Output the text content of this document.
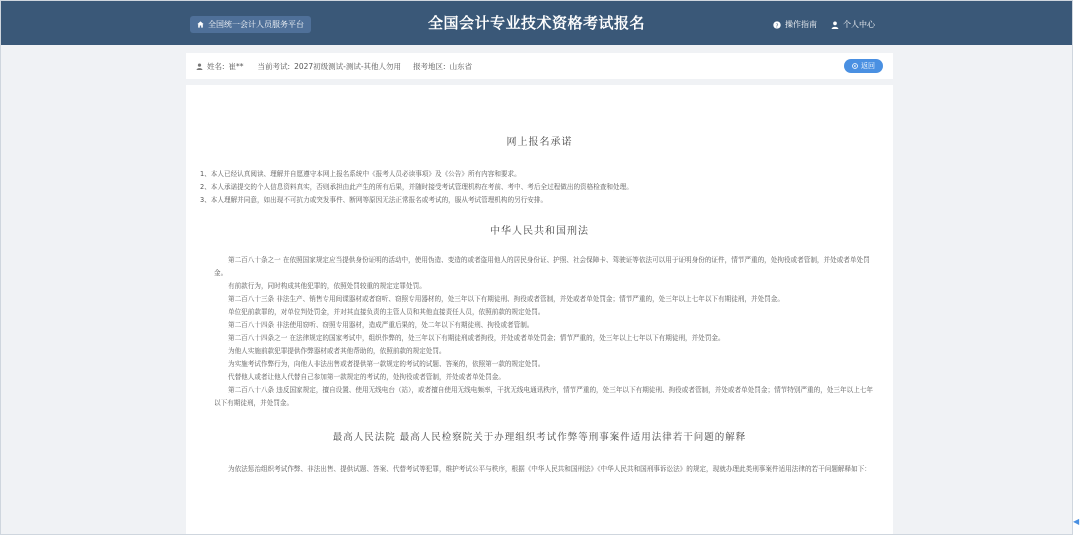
全国统一会计人员服务平台	全国会计专业技术资格考试报名	? 操作指南	个人中心
姓名: 崔** 当前考试: 2027初级测试-测试-其他人勿用 报考地区: 山东省	返回
网上报名承诺
1、本人已经认真阅读、理解并自愿遵守本网上报名系统中《报考人员必读事项》及《公告》所有内容和要求。
2、本人承诺提交的个人信息资料真实，否则承担由此产生的所有后果，并随时接受考试管理机构在考前、考中、考后全过程做出的资格检查和处理。
3、本人理解并同意，如出现不可抗力或突发事件、断网等原因无法正常报名或考试的，服从考试管理机构的另行安排。
中华人民共和国刑法
第二百八十条之一 在依照国家规定应当提供身份证明的活动中，使用伪造、变造的或者盗用他人的居民身份证、护照、社会保障卡、驾驶证等依法可以用于证明身份的证件，情节严重的，处拘役或者管制，并处或者单处罚金。
有前款行为，同时构成其他犯罪的，依照处罚较重的规定定罪处罚。
第二百八十三条 非法生产、销售专用间谍器材或者窃听、窃照专用器材的，处三年以下有期徒刑、拘役或者管制，并处或者单处罚金；情节严重的，处三年以上七年以下有期徒刑，并处罚金。
单位犯前款罪的，对单位判处罚金，并对其直接负责的主管人员和其他直接责任人员，依照前款的规定处罚。
第二百八十四条 非法使用窃听、窃照专用器材，造成严重后果的，处二年以下有期徒刑、拘役或者管制。
第二百八十四条之一 在法律规定的国家考试中，组织作弊的，处三年以下有期徒刑或者拘役，并处或者单处罚金；情节严重的，处三年以上七年以下有期徒刑，并处罚金。
为他人实施前款犯罪提供作弊器材或者其他帮助的，依照前款的规定处罚。
为实施考试作弊行为，向他人非法出售或者提供第一款规定的考试的试题、答案的，依照第一款的规定处罚。
代替他人或者让他人代替自己参加第一款规定的考试的，处拘役或者管制，并处或者单处罚金。
第二百八十八条 违反国家规定，擅自设置、使用无线电台（站），或者擅自使用无线电频率，干扰无线电通讯秩序，情节严重的，处三年以下有期徒刑、拘役或者管制，并处或者单处罚金；情节特别严重的，处三年以上七年以下有期徒刑，并处罚金。
最高人民法院 最高人民检察院关于办理组织考试作弊等刑事案件适用法律若干问题的解释
为依法惩治组织考试作弊、非法出售、提供试题、答案、代替考试等犯罪，维护考试公平与秩序，根据《中华人民共和国刑法》《中华人民共和国刑事诉讼法》的规定，现就办理此类刑事案件适用法律的若干问题解释如下：
◀
